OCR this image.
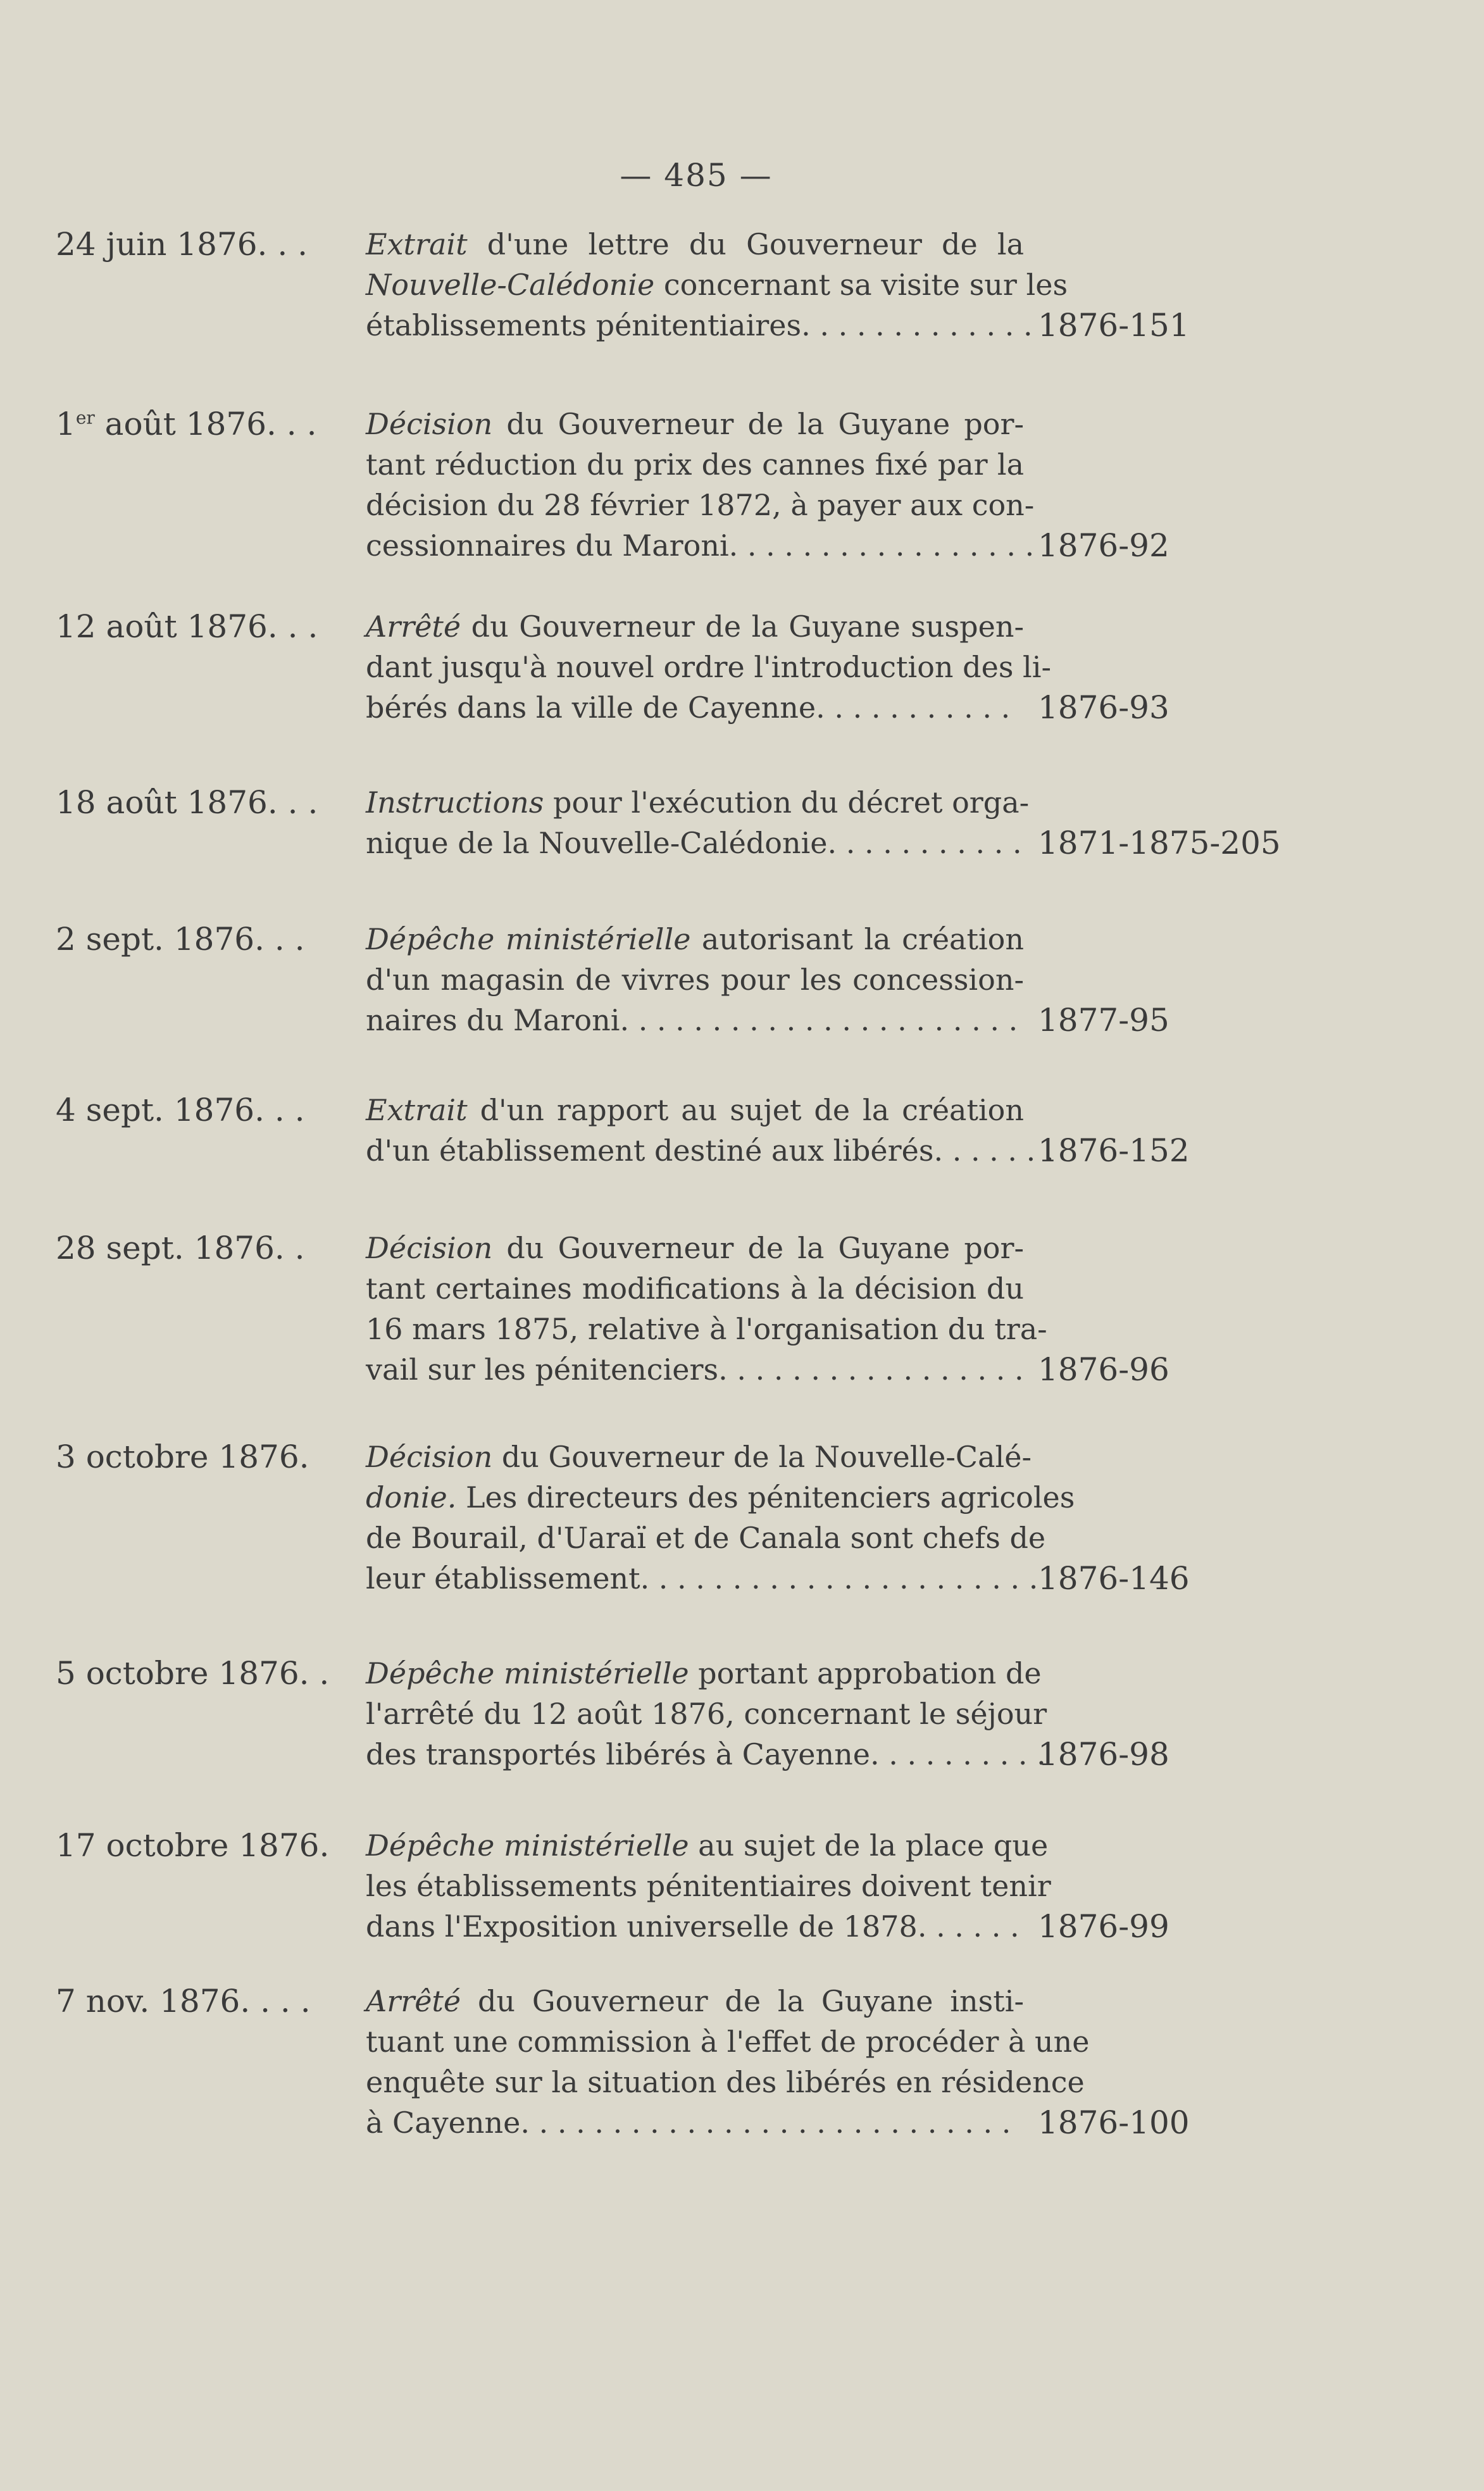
— 485 —
24 juin 1876. . .	Extrait d'une lettre du Gouverneur de la
Nouvelle-Calédonie concernant sa visite sur les
établissements pénitentiaires. . . . . . . . . . . . . 1876-151
1er août 1876. . .	Décision du Gouverneur de la Guyane por-
tant réduction du prix des cannes fixé par la
décision du 28 février 1872, à payer aux con-
cessionnaires du Maroni. . . . . . . . . . . . . . . . . 1876-92
12 août 1876. . .	Arrêté du Gouverneur de la Guyane suspen-
dant jusqu'à nouvel ordre l'introduction des li-
bérés dans la ville de Cayenne. . . . . . . . . . . 1876-93
18 août 1876. . .	Instructions pour l'exécution du décret orga-
nique de la Nouvelle-Calédonie. . . . . . . . . . . 1871-1875-205
2 sept. 1876. . .	Dépêche ministérielle autorisant la création
d'un magasin de vivres pour les concession-
naires du Maroni. . . . . . . . . . . . . . . . . . . . . . 1877-95
4 sept. 1876. . .	Extrait d'un rapport au sujet de la création
d'un établissement destiné aux libérés. . . . . . .
1876-152
28 sept. 1876. .	Décision du Gouverneur de la Guyane por-
tant certaines modifications à la décision du
16 mars 1875, relative à l'organisation du tra-
vail sur les pénitenciers. . . . . . . . . . . . . . . . . 1876-96
3 octobre 1876.	Décision du Gouverneur de la Nouvelle-Calé-
donie. Les directeurs des pénitenciers agricoles
de Bourail, d'Uaraï et de Canala sont chefs de
leur établissement. . . . . . . . . . . . . . . . . . . . . . 1876-146
5 octobre 1876. .	Dépêche ministérielle portant approbation de
l'arrêté du 12 août 1876, concernant le séjour
des transportés libérés à Cayenne. . . . . . . . . .
1876-98
17 octobre 1876.	Dépêche ministérielle au sujet de la place que
les établissements pénitentiaires doivent tenir
dans l'Exposition universelle de 1878. . . . . . 1876-99
7 nov. 1876. . . .	Arrêté du Gouverneur de la Guyane insti-
tuant une commission à l'effet de procéder à une
enquête sur la situation des libérés en résidence
à Cayenne. . . . . . . . . . . . . . . . . . . . . . . . . . . 1876-100
